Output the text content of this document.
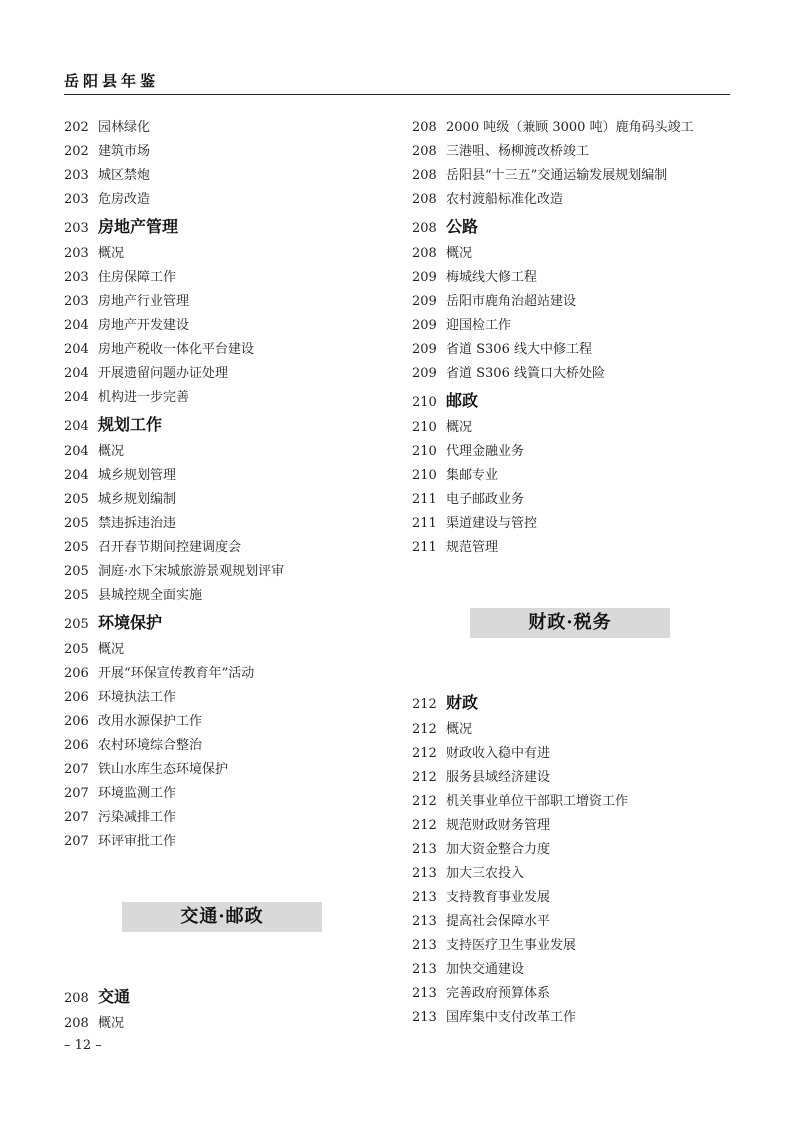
岳阳县年鉴
202 园林绿化
202 建筑市场
203 城区禁炮
203 危房改造
203 房地产管理
203 概况
203 住房保障工作
203 房地产行业管理
204 房地产开发建设
204 房地产税收一体化平台建设
204 开展遗留问题办证处理
204 机构进一步完善
204 规划工作
204 概况
204 城乡规划管理
205 城乡规划编制
205 禁违拆违治违
205 召开春节期间控建调度会
205 洞庭·水下宋城旅游景观规划评审
205 县城控规全面实施
205 环境保护
205 概况
206 开展“环保宣传教育年”活动
206 环境执法工作
206 改用水源保护工作
206 农村环境综合整治
207 铁山水库生态环境保护
207 环境监测工作
207 污染减排工作
207 环评审批工作
交通·邮政
208 交通
208 概况
208 2000 吨级（兼顾 3000 吨）鹿角码头竣工
208 三港咀、杨柳渡改桥竣工
208 岳阳县“十三五”交通运输发展规划编制
208 农村渡船标准化改造
208 公路
208 概况
209 梅城线大修工程
209 岳阳市鹿角治超站建设
209 迎国检工作
209 省道 S306 线大中修工程
209 省道 S306 线篢口大桥处险
210 邮政
210 概况
210 代理金融业务
210 集邮专业
211 电子邮政业务
211 渠道建设与管控
211 规范管理
财政·税务
212 财政
212 概况
212 财政收入稳中有进
212 服务县域经济建设
212 机关事业单位干部职工增资工作
212 规范财政财务管理
213 加大资金整合力度
213 加大三农投入
213 支持教育事业发展
213 提高社会保障水平
213 支持医疗卫生事业发展
213 加快交通建设
213 完善政府预算体系
213 国库集中支付改革工作
– 12 –
